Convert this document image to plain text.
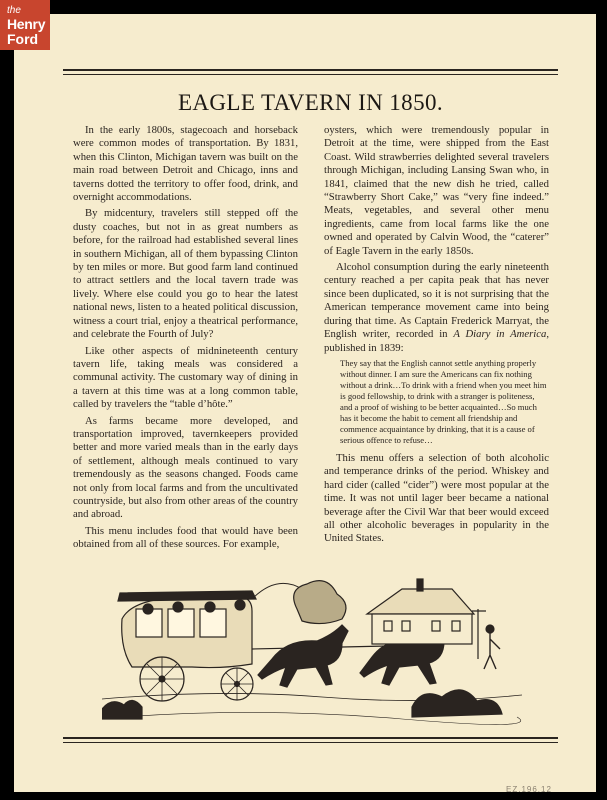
the
Henry
Ford
EAGLE TAVERN IN 1850.

In the early 1800s, stagecoach and horseback were common modes of transportation. By 1831, when this Clinton, Michigan tavern was built on the main road between Detroit and Chicago, inns and taverns dotted the territory to offer food, drink, and overnight accommodations.

By midcentury, travelers still stepped off the dusty coaches, but not in as great numbers as before, for the railroad had established several lines in southern Michigan, all of them bypassing Clinton by ten miles or more. But good farm land continued to attract settlers and the local tavern trade was lively. Where else could you go to hear the latest national news, listen to a heated political discussion, witness a court trial, enjoy a theatrical performance, and celebrate the Fourth of July?

Like other aspects of midnineteenth century tavern life, taking meals was considered a communal activity. The customary way of dining in a tavern at this time was at a long common table, called by travelers the “table d’hôte.”

As farms became more developed, and transportation improved, tavernkeepers provided better and more varied meals than in the early days of settlement, although meals continued to vary tremendously as the seasons changed. Foods came not only from local farms and from the uncultivated countryside, but also from other areas of the country and abroad.

This menu includes food that would have been obtained from all of these sources. For example,

oysters, which were tremendously popular in Detroit at the time, were shipped from the East Coast. Wild strawberries delighted several travelers through Michigan, including Lansing Swan who, in 1841, claimed that the new dish he tried, called “Strawberry Short Cake,” was “very fine indeed.” Meats, vegetables, and several other menu ingredients, came from local farms like the one owned and operated by Calvin Wood, the “caterer” of Eagle Tavern in the early 1850s.

Alcohol consumption during the early nineteenth century reached a per capita peak that has never since been duplicated, so it is not surprising that the American temperance movement came into being during that time. As Captain Frederick Marryat, the English writer, recorded in A Diary in America, published in 1839:

They say that the English cannot settle anything properly without dinner. I am sure the Americans can fix nothing without a drink…To drink with a friend when you meet him is good fellowship, to drink with a stranger is politeness, and a proof of wishing to be better acquainted…So much has it become the habit to cement all friendship and commence acquaintance by drinking, that it is a cause of serious offence to refuse…

This menu offers a selection of both alcoholic and temperance drinks of the period. Whiskey and hard cider (called “cider”) were most popular at the time. It was not until lager beer became a national beverage after the Civil War that beer would exceed all other alcoholic beverages in popularity in the United States.

EZ.196.12
